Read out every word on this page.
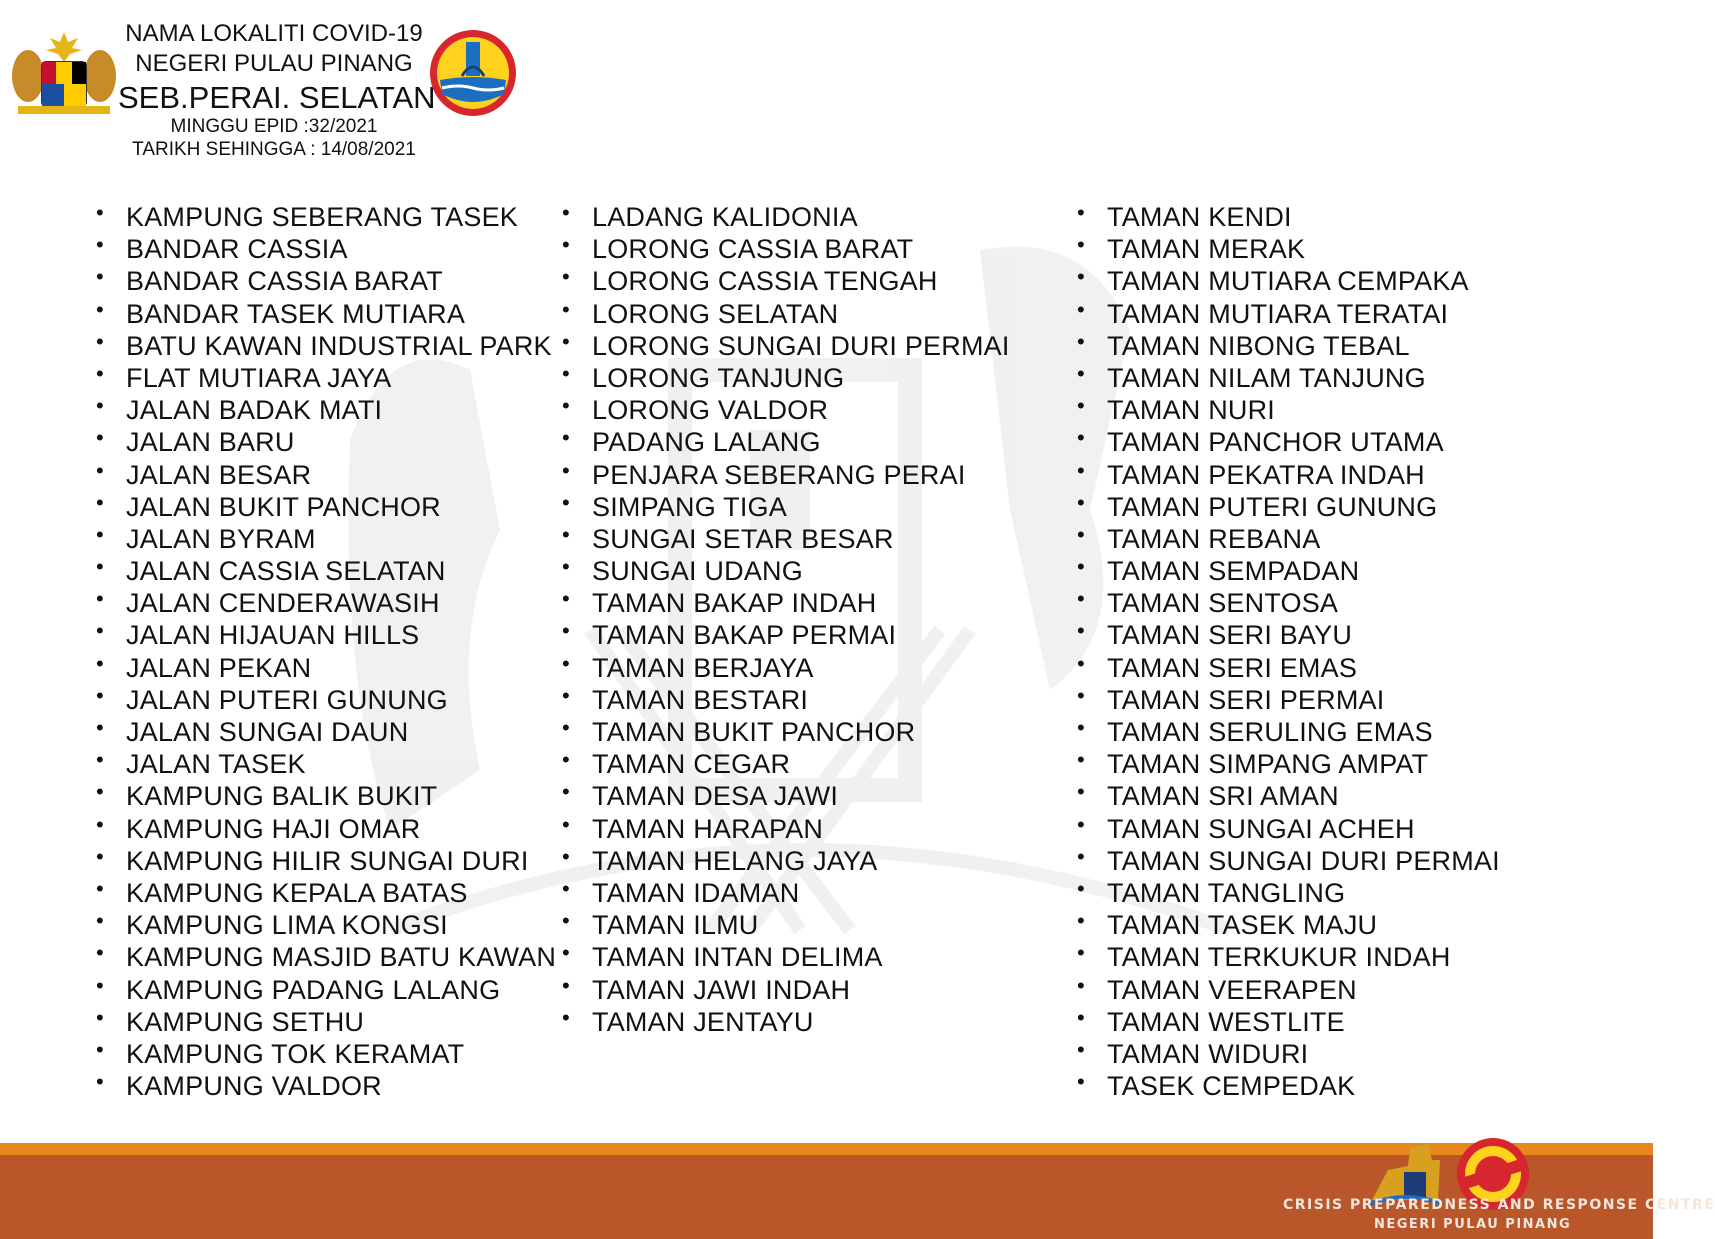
NAMA LOKALITI COVID-19
NEGERI PULAU PINANG
SEB.PERAI. SELATAN
MINGGU EPID :32/2021
TARIKH SEHINGGA : 14/08/2021
• KAMPUNG SEBERANG TASEK
• BANDAR CASSIA
• BANDAR CASSIA BARAT
• BANDAR TASEK MUTIARA
• BATU KAWAN INDUSTRIAL PARK
• FLAT MUTIARA JAYA
• JALAN BADAK MATI
• JALAN BARU
• JALAN BESAR
• JALAN BUKIT PANCHOR
• JALAN BYRAM
• JALAN CASSIA SELATAN
• JALAN CENDERAWASIH
• JALAN HIJAUAN HILLS
• JALAN PEKAN
• JALAN PUTERI GUNUNG
• JALAN SUNGAI DAUN
• JALAN TASEK
• KAMPUNG BALIK BUKIT
• KAMPUNG HAJI OMAR
• KAMPUNG HILIR SUNGAI DURI
• KAMPUNG KEPALA BATAS
• KAMPUNG LIMA KONGSI
• KAMPUNG MASJID BATU KAWAN
• KAMPUNG PADANG LALANG
• KAMPUNG SETHU
• KAMPUNG TOK KERAMAT
• KAMPUNG VALDOR
• LADANG KALIDONIA
• LORONG CASSIA BARAT
• LORONG CASSIA TENGAH
• LORONG SELATAN
• LORONG SUNGAI DURI PERMAI
• LORONG TANJUNG
• LORONG VALDOR
• PADANG LALANG
• PENJARA SEBERANG PERAI
• SIMPANG TIGA
• SUNGAI SETAR BESAR
• SUNGAI UDANG
• TAMAN BAKAP INDAH
• TAMAN BAKAP PERMAI
• TAMAN BERJAYA
• TAMAN BESTARI
• TAMAN BUKIT PANCHOR
• TAMAN CEGAR
• TAMAN DESA JAWI
• TAMAN HARAPAN
• TAMAN HELANG JAYA
• TAMAN IDAMAN
• TAMAN ILMU
• TAMAN INTAN DELIMA
• TAMAN JAWI INDAH
• TAMAN JENTAYU
• TAMAN KENDI
• TAMAN MERAK
• TAMAN MUTIARA CEMPAKA
• TAMAN MUTIARA TERATAI
• TAMAN NIBONG TEBAL
• TAMAN NILAM TANJUNG
• TAMAN NURI
• TAMAN PANCHOR UTAMA
• TAMAN PEKATRA INDAH
• TAMAN PUTERI GUNUNG
• TAMAN REBANA
• TAMAN SEMPADAN
• TAMAN SENTOSA
• TAMAN SERI BAYU
• TAMAN SERI EMAS
• TAMAN SERI PERMAI
• TAMAN SERULING EMAS
• TAMAN SIMPANG AMPAT
• TAMAN SRI AMAN
• TAMAN SUNGAI ACHEH
• TAMAN SUNGAI DURI PERMAI
• TAMAN TANGLING
• TAMAN TASEK MAJU
• TAMAN TERKUKUR INDAH
• TAMAN VEERAPEN
• TAMAN WESTLITE
• TAMAN WIDURI
• TASEK CEMPEDAK
CRISIS PREPAREDNESS AND RESPONSE CENTRE
NEGERI PULAU PINANG
